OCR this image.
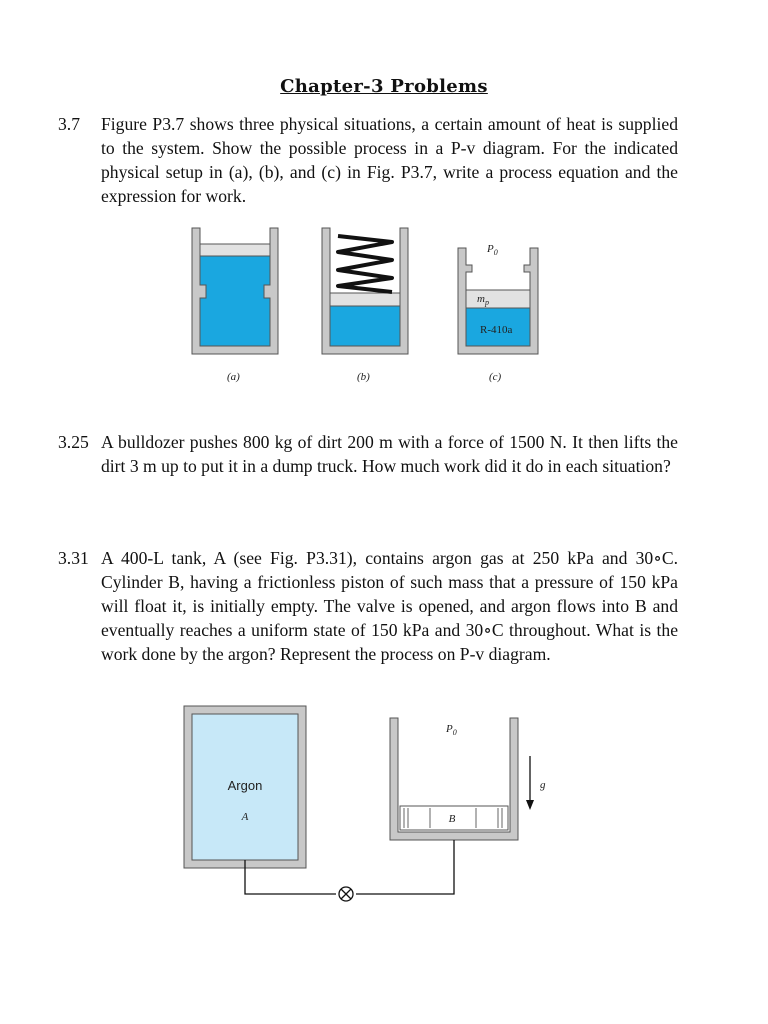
Chapter-3 Problems
3.7 Figure P3.7 shows three physical situations, a certain amount of heat is supplied to the system. Show the possible process in a P-v diagram. For the indicated physical setup in (a), (b), and (c) in Fig. P3.7, write a process equation and the expression for work.
(a)	(b)
$P_0$
$m_p$
R-410a
(c)
3.25 A bulldozer pushes 800 kg of dirt 200 m with a force of 1500 N. It then lifts the dirt 3 m up to put it in a dump truck. How much work did it do in each situation?
3.31 A 400-L tank, A (see Fig. P3.31), contains argon gas at 250 kPa and 30∘C. Cylinder B, having a frictionless piston of such mass that a pressure of 150 kPa will float it, is initially empty. The valve is opened, and argon flows into B and eventually reaches a uniform state of 150 kPa and 30∘C throughout. What is the work done by the argon? Represent the process on P-v diagram.
Argon
A	B
$P_0$
g
